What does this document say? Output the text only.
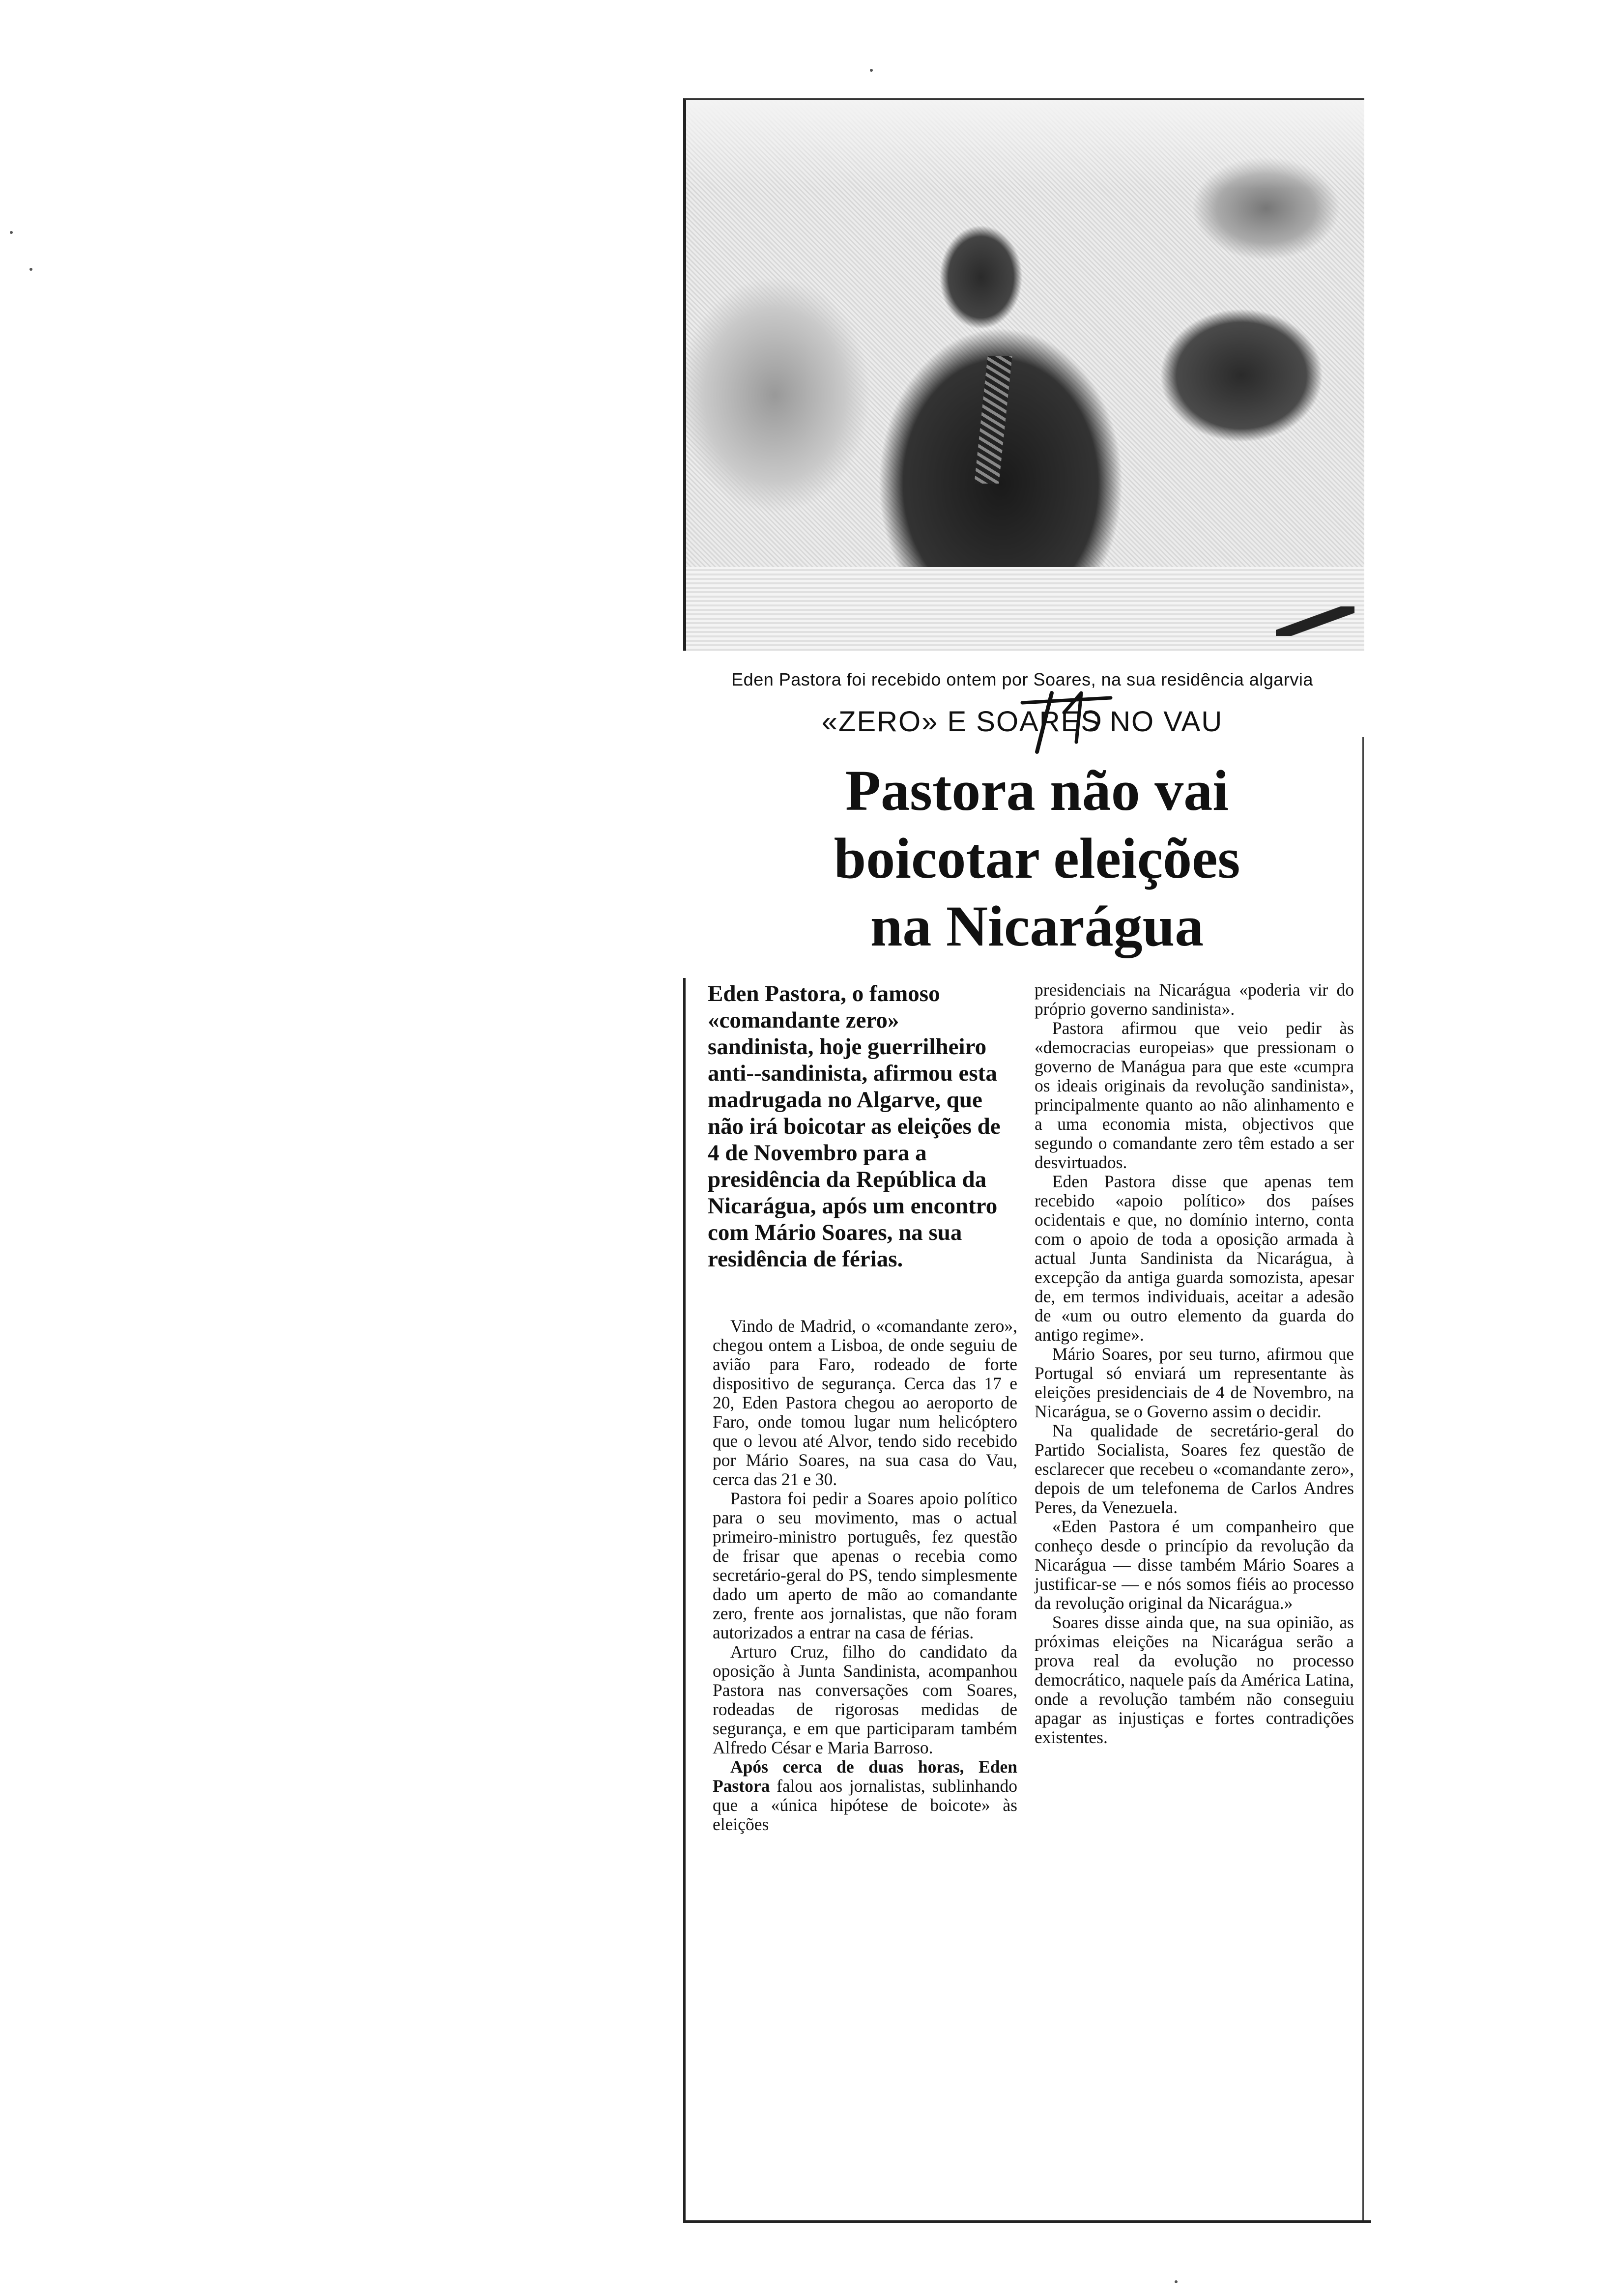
Eden Pastora foi recebido ontem por Soares, na sua residência algarvia
«ZERO» E SOARES NO VAU
Pastora não vai
boicotar eleições
na Nicarágua

Eden Pastora, o famoso «comandante zero» sandinista, hoje guerrilheiro anti--sandinista, afirmou esta madrugada no Algarve, que não irá boicotar as eleições de 4 de Novembro para a presidência da República da Nicarágua, após um encontro com Mário Soares, na sua residência de férias.

Vindo de Madrid, o «comandante zero», chegou ontem a Lisboa, de onde seguiu de avião para Faro, rodeado de forte dispositivo de segurança. Cerca das 17 e 20, Eden Pastora chegou ao aeroporto de Faro, onde tomou lugar num helicóptero que o levou até Alvor, tendo sido recebido por Mário Soares, na sua casa do Vau, cerca das 21 e 30.

Pastora foi pedir a Soares apoio político para o seu movimento, mas o actual primeiro-ministro português, fez questão de frisar que apenas o recebia como secretário-geral do PS, tendo simplesmente dado um aperto de mão ao comandante zero, frente aos jornalistas, que não foram autorizados a entrar na casa de férias.

Arturo Cruz, filho do candidato da oposição à Junta Sandinista, acompanhou Pastora nas conversações com Soares, rodeadas de rigorosas medidas de segurança, e em que participaram também Alfredo César e Maria Barroso.

Após cerca de duas horas, Eden Pastora falou aos jornalistas, sublinhando que a «única hipótese de boicote» às eleições

presidenciais na Nicarágua «poderia vir do próprio governo sandinista».

Pastora afirmou que veio pedir às «democracias europeias» que pressionam o governo de Manágua para que este «cumpra os ideais originais da revolução sandinista», principalmente quanto ao não alinhamento e a uma economia mista, objectivos que segundo o comandante zero têm estado a ser desvirtuados.

Eden Pastora disse que apenas tem recebido «apoio político» dos países ocidentais e que, no domínio interno, conta com o apoio de toda a oposição armada à actual Junta Sandinista da Nicarágua, à excepção da antiga guarda somozista, apesar de, em termos individuais, aceitar a adesão de «um ou outro elemento da guarda do antigo regime».

Mário Soares, por seu turno, afirmou que Portugal só enviará um representante às eleições presidenciais de 4 de Novembro, na Nicarágua, se o Governo assim o decidir.

Na qualidade de secretário-geral do Partido Socialista, Soares fez questão de esclarecer que recebeu o «comandante zero», depois de um telefonema de Carlos Andres Peres, da Venezuela.

«Eden Pastora é um companheiro que conheço desde o princípio da revolução da Nicarágua — disse também Mário Soares a justificar-se — e nós somos fiéis ao processo da revolução original da Nicarágua.»

Soares disse ainda que, na sua opinião, as próximas eleições na Nicarágua serão a prova real da evolução no processo democrático, naquele país da América Latina, onde a revolução também não conseguiu apagar as injustiças e fortes contradições existentes.
